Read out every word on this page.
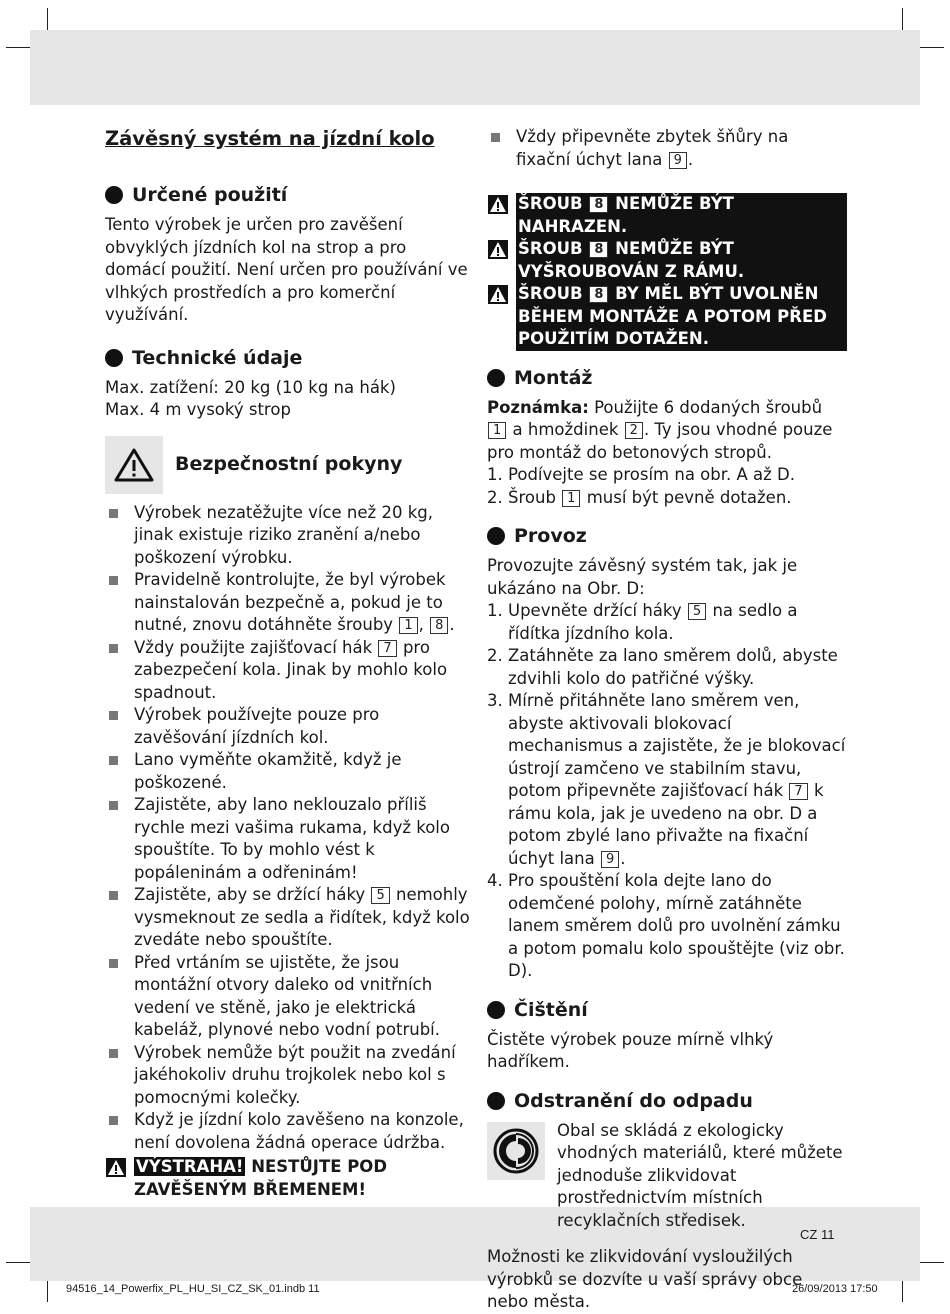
Závěsný systém na jízdní kolo
Určené použití

Tento výrobek je určen pro zavěšení obvyklých jízdních kol na strop a pro domácí použití. Není určen pro používání ve vlhkých prostředích a pro komerční využívání.

Technické údaje

Max. zatížení: 20 kg (10 kg na hák)

Max. 4 m vysoký strop

Bezpečnostní pokyny
Výrobek nezatěžujte více než 20 kg, jinak existuje riziko zranění a/nebo poškození výrobku.
Pravidelně kontrolujte, že byl výrobek nainstalován bezpečně a, pokud je to nutné, znovu dotáhněte šrouby 1 , 8 .
Vždy použijte zajišťovací hák 7 pro zabezpečení kola. Jinak by mohlo kolo spadnout.
Výrobek používejte pouze pro zavěšování jízdních kol.
Lano vyměňte okamžitě, když je poškozené.
Zajistěte, aby lano neklouzalo příliš rychle mezi vašima rukama, když kolo spouštíte. To by mohlo vést k popáleninám a odřeninám!
Zajistěte, aby se držící háky 5 nemohly vysmeknout ze sedla a řidítek, když kolo zvedáte nebo spouštíte.
Před vrtáním se ujistěte, že jsou montážní otvory daleko od vnitřních vedení ve stěně, jako je elektrická kabeláž, plynové nebo vodní potrubí.
Výrobek nemůže být použit na zvedání jakéhokoliv druhu trojkolek nebo kol s pomocnými kolečky.
Když je jízdní kolo zavěšeno na konzole, není dovolena žádná operace údržba.
VÝSTRAHA! NESTŮJTE POD ZAVĚŠENÝM BŘEMENEM!
Vždy připevněte zbytek šňůry na fixační úchyt lana 9 .
ŠROUB 8 NEMŮŽE BÝT NAHRAZEN.
ŠROUB 8 NEMŮŽE BÝT VYŠROUBOVÁN Z RÁMU.
ŠROUB 8 BY MĚL BÝT UVOLNĚN BĚHEM MONTÁŽE A POTOM PŘED POUŽITÍM DOTAŽEN.
Montáž

Poznámka: Použijte 6 dodaných šroubů 1 a hmoždinek 2 . Ty jsou vhodné pouze pro montáž do betonových stropů.

1. Podívejte se prosím na obr. A až D.
2. Šroub 1 musí být pevně dotažen.
Provoz

Provozujte závěsný systém tak, jak je ukázáno na Obr. D:

1. Upevněte držící háky 5 na sedlo a řídítka jízdního kola.
2. Zatáhněte za lano směrem dolů, abyste zdvihli kolo do patřičné výšky.
3. Mírně přitáhněte lano směrem ven, abyste aktivovali blokovací mechanismus a zajistěte, že je blokovací ústrojí zamčeno ve stabilním stavu, potom připevněte zajišťovací hák 7 k rámu kola, jak je uvedeno na obr. D a potom zbylé lano přivažte na fixační úchyt lana 9 .
4. Pro spouštění kola dejte lano do odemčené polohy, mírně zatáhněte lanem směrem dolů pro uvolnění zámku a potom pomalu kolo spouštějte (viz obr. D).
Čištění

Čistěte výrobek pouze mírně vlhký hadříkem.

Odstranění do odpadu

Obal se skládá z ekologicky vhodných materiálů, které můžete jednoduše zlikvidovat prostřednictvím místních recyklačních středisek.

Možnosti ke zlikvidování vysloužilých výrobků se dozvíte u vaší správy obce nebo města.

CZ 11
94516_14_Powerfix_PL_HU_SI_CZ_SK_01.indb 11	26/09/2013 17:50
